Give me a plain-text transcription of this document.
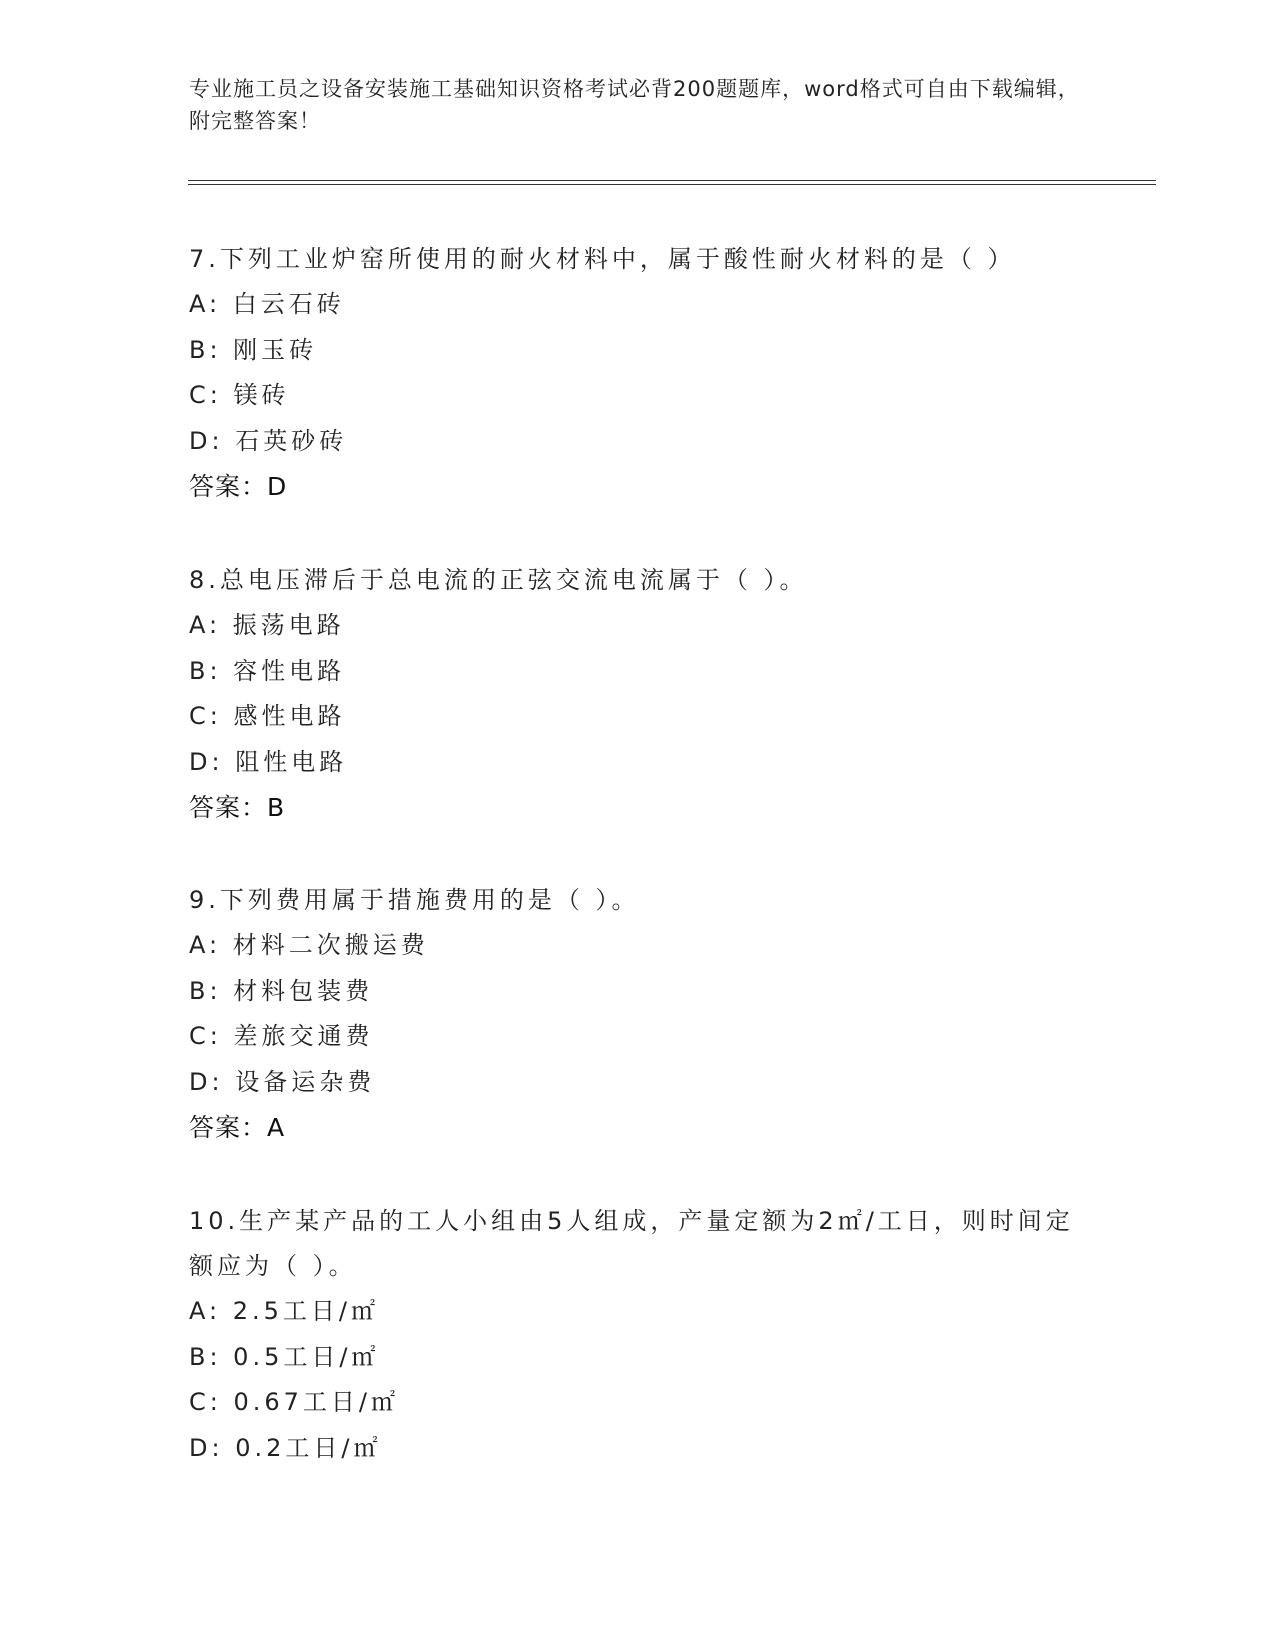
专业施工员之设备安装施工基础知识资格考试必背200题题库，word格式可自由下载编辑，附完整答案！

7.下列工业炉窑所使用的耐火材料中，属于酸性耐火材料的是（ ）

A: 白云石砖

B: 刚玉砖

C: 镁砖

D: 石英砂砖

答案：D

8.总电压滞后于总电流的正弦交流电流属于（ ）。

A: 振荡电路

B: 容性电路

C: 感性电路

D: 阻性电路

答案：B

9.下列费用属于措施费用的是（ ）。

A: 材料二次搬运费

B: 材料包装费

C: 差旅交通费

D: 设备运杂费

答案：A

10.生产某产品的工人小组由5人组成，产量定额为2㎡/工日，则时间定额应为（ ）。

A: 2.5工日/㎡

B: 0.5工日/㎡

C: 0.67工日/㎡

D: 0.2工日/㎡
